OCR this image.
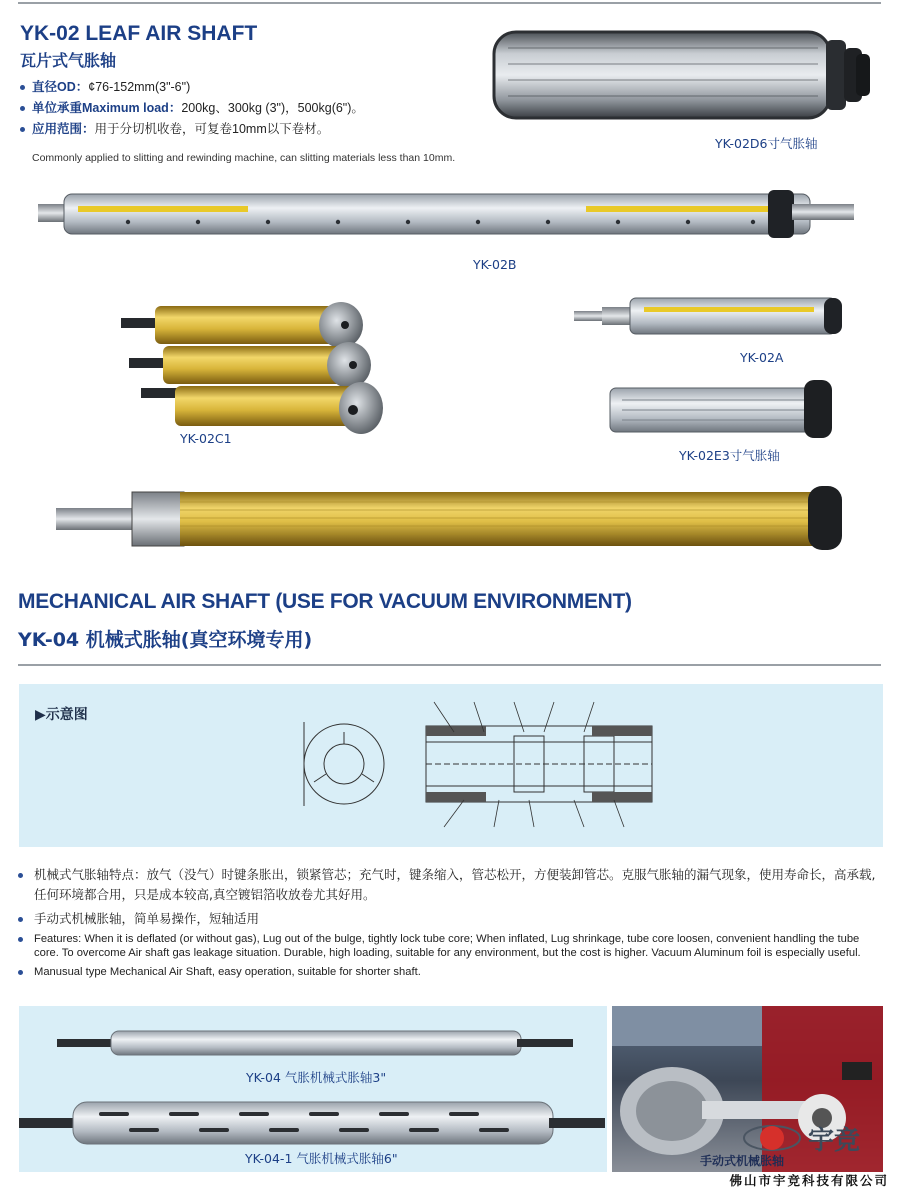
YK-02 LEAF AIR SHAFT
瓦片式气胀轴
直径OD：¢76-152mm(3"-6")
单位承重Maximum load：200kg、300kg (3")，500kg(6")。
应用范围：用于分切机收卷，可复卷10mm以下卷材。
Commonly applied to slitting and rewinding machine, can slitting materials less than 10mm.
YK-02D6寸气胀轴
YK-02B
YK-02C1
YK-02A
YK-02E3寸气胀轴
MECHANICAL AIR SHAFT (USE FOR VACUUM ENVIRONMENT)
YK-04 机械式胀轴(真空环境专用)
▶示意图
机械式气胀轴特点：放气（没气）时键条胀出，锁紧管芯；充气时，键条缩入，管芯松开，方便装卸管芯。克服气胀轴的漏气现象，使用寿命长，高承载,任何环境都合用，只是成本较高,真空镀铝箔收放卷尤其好用。
手动式机械胀轴，简单易操作，短轴适用
Features: When it is deflated (or without gas), Lug out of the bulge, tightly lock tube core; When inflated, Lug shrinkage, tube core loosen, convenient handling the tube core. To overcome Air shaft gas leakage situation. Durable, high loading, suitable for any environment, but the cost is higher. Vacuum Aluminum foil is especially useful.
Manusual type Mechanical Air Shaft, easy operation, suitable for shorter shaft.
YK-04 气胀机械式胀轴3"
YK-04-1 气胀机械式胀轴6"	手动式机械胀轴
宇竞
佛山市宇竞科技有限公司
